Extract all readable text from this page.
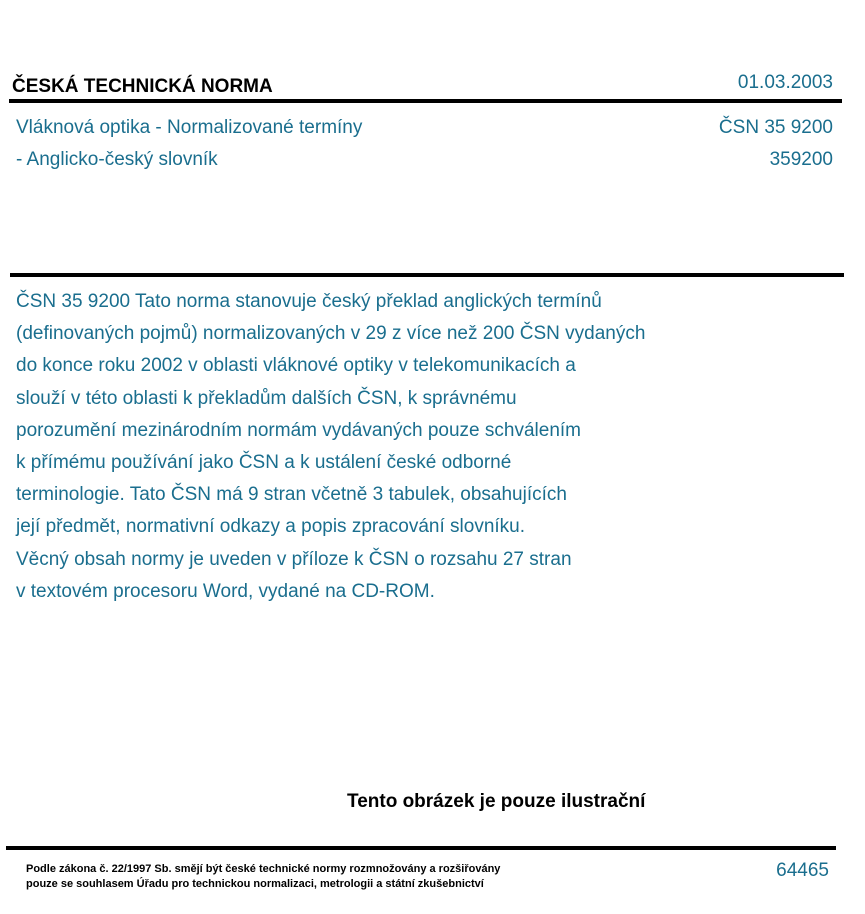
ČESKÁ TECHNICKÁ NORMA	01.03.2003
Vláknová optika - Normalizované termíny
- Anglicko-český slovník
ČSN 35 9200
359200

ČSN 35 9200 Tato norma stanovuje český překlad anglických termínů
(definovaných pojmů) normalizovaných v 29 z více než 200 ČSN vydaných
do konce roku 2002 v oblasti vláknové optiky v telekomunikacích a
slouží v této oblasti k překladům dalších ČSN, k správnému
porozumění mezinárodním normám vydávaných pouze schválením
k přímému používání jako ČSN a k ustálení české odborné
terminologie. Tato ČSN má 9 stran včetně 3 tabulek, obsahujících
její předmět, normativní odkazy a popis zpracování slovníku.
Věcný obsah normy je uveden v příloze k ČSN o rozsahu 27 stran
v textovém procesoru Word, vydané na CD-ROM.

Tento obrázek je pouze ilustrační
Podle zákona č. 22/1997 Sb. smějí být české technické normy rozmnožovány a rozšiřovány
pouze se souhlasem Úřadu pro technickou normalizaci, metrologii a státní zkušebnictví
64465
